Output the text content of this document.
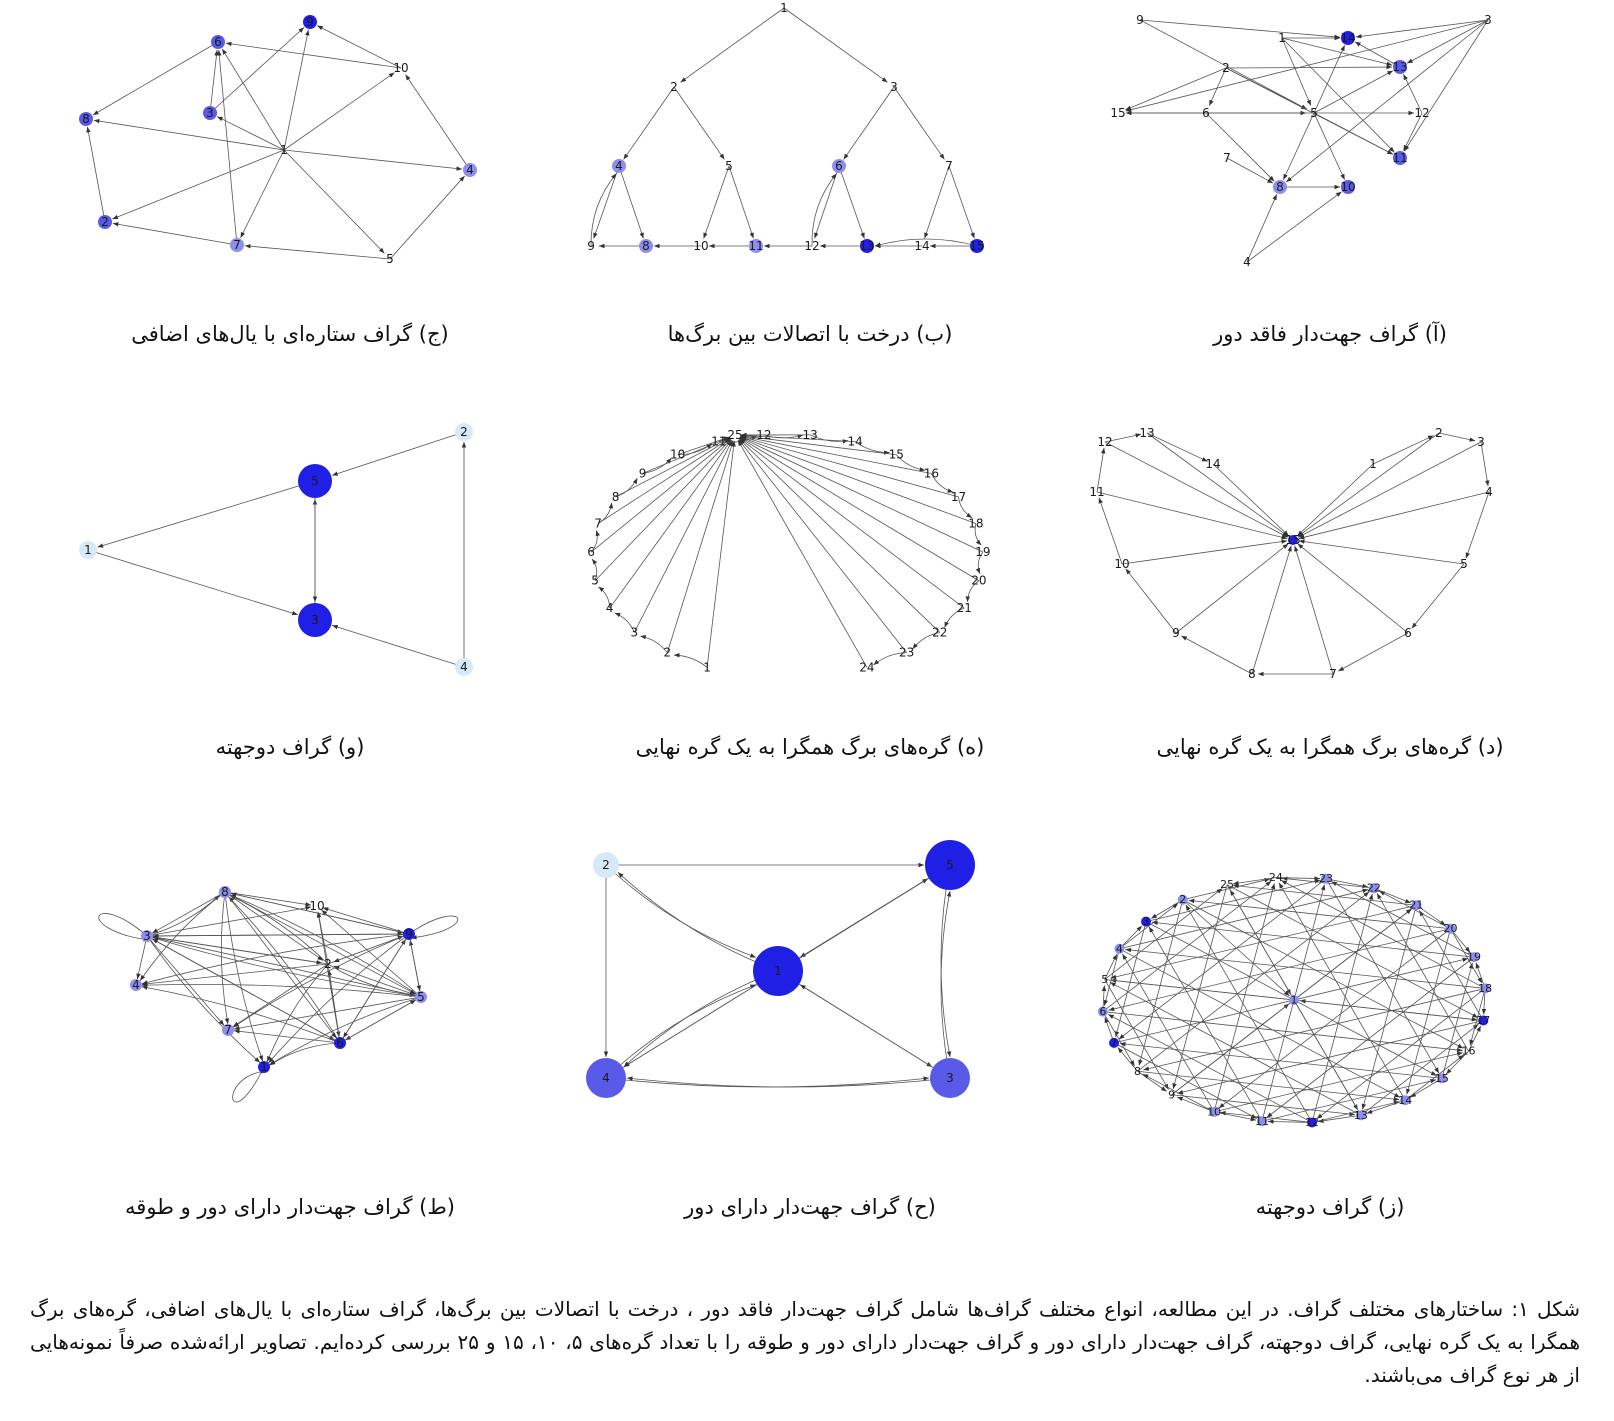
1
2
3
4
5
6
7
8
9
10
11
12
13
14
15
1
2	3
4	5	6	7
8
9	10	11	12	13	14	15
1
2
3
4
5
6
7
8
9
10
1
2
3
4
5
6
7
8
9
10
11
12
13
14
15
1
2
3
4
5
6
7
8
9
10
11 12	13 14
15
16
17
18
19
20
21
22
23
24
25
1
2
3
4
5
1
2
3
4
5
6
7
8
9
10
11	12
13
14
15
16
17
18
19
20
21
22
23
24
25
1
2
3
4
5
1
2
3
4
5
6
7
8
9
10
(آ) گراف جهت‌دار فاقد دور
(ب) درخت با اتصالات بین برگ‌ها
(ج) گراف ستاره‌ای با یال‌های اضافی
(د) گره‌های برگ همگرا به یک گره نهایی
(ه) گره‌های برگ همگرا به یک گره نهایی
(و) گراف دوجهته
(ز) گراف دوجهته
(ح) گراف جهت‌دار دارای دور
(ط) گراف جهت‌دار دارای دور و طوقه
شکل ۱: ساختارهای مختلف گراف. در این مطالعه، انواع مختلف گراف‌ها شامل گراف جهت‌دار فاقد دور ، درخت با اتصالات بین برگ‌ها، گراف ستاره‌ای با یال‌های اضافی، گره‌های برگ همگرا به یک گره نهایی، گراف دوجهته، گراف جهت‌دار دارای دور و گراف جهت‌دار دارای دور و طوقه را با تعداد گره‌های ۵، ۱۰، ۱۵ و ۲۵ بررسی کرده‌ایم. تصاویر ارائه‌شده صرفاً نمونه‌هایی از هر نوع گراف می‌باشند.
